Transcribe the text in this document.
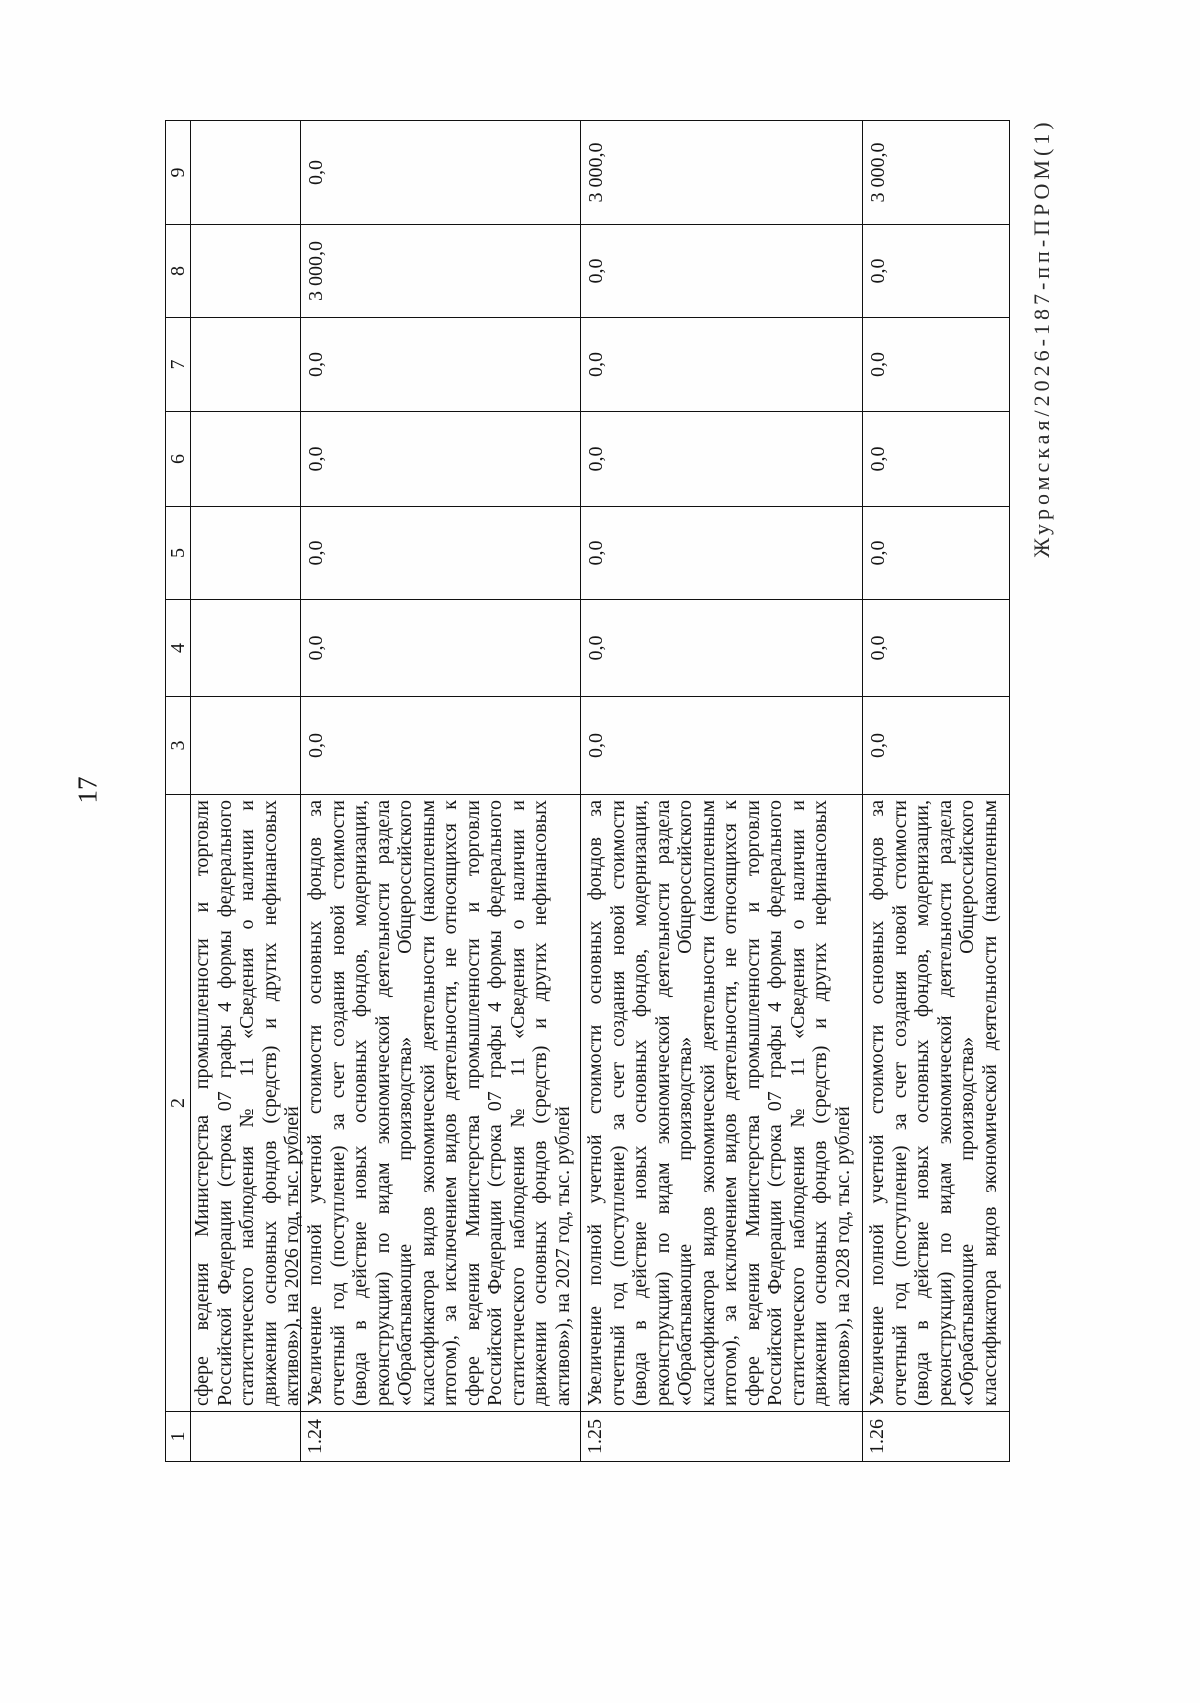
17
1
2
3
4
5
6
7
8
9
сфере ведения Министерства промышленности и торговли Российской Федерации (строка 07 графы 4 формы федерального статистического наблюдения № 11 «Сведения о наличии и движении основных фондов (средств) и других нефинансовых активов»), на 2026 год, тыс. рублей
1.24
Увеличение полной учетной стоимости основных фондов за отчетный год (поступление) за счет создания новой стоимости (ввода в действие новых основных фондов, модернизации, реконструкции) по видам экономической деятельности раздела «Обрабатывающие производства» Общероссийского классификатора видов экономической деятельности (накопленным итогом), за исключением видов деятельности, не относящихся к сфере ведения Министерства промышленности и торговли Российской Федерации (строка 07 графы 4 формы федерального статистического наблюдения № 11 «Сведения о наличии и движении основных фондов (средств) и других нефинансовых активов»), на 2027 год, тыс. рублей
0,0
0,0
0,0
0,0
0,0
3 000,0
0,0
1.25
Увеличение полной учетной стоимости основных фондов за отчетный год (поступление) за счет создания новой стоимости (ввода в действие новых основных фондов, модернизации, реконструкции) по видам экономической деятельности раздела «Обрабатывающие производства» Общероссийского классификатора видов экономической деятельности (накопленным итогом), за исключением видов деятельности, не относящихся к сфере ведения Министерства промышленности и торговли Российской Федерации (строка 07 графы 4 формы федерального статистического наблюдения № 11 «Сведения о наличии и движении основных фондов (средств) и других нефинансовых активов»), на 2028 год, тыс. рублей
0,0
0,0
0,0
0,0
0,0
0,0
3 000,0
1.26
Увеличение полной учетной стоимости основных фондов за отчетный год (поступление) за счет создания новой стоимости (ввода в действие новых основных фондов, модернизации, реконструкции) по видам экономической деятельности раздела «Обрабатывающие производства» Общероссийского классификатора видов экономической деятельности (накопленным
0,0
0,0
0,0
0,0
0,0
0,0
3 000,0	Журомская/2026-187-пп-ПРОМ(1)
